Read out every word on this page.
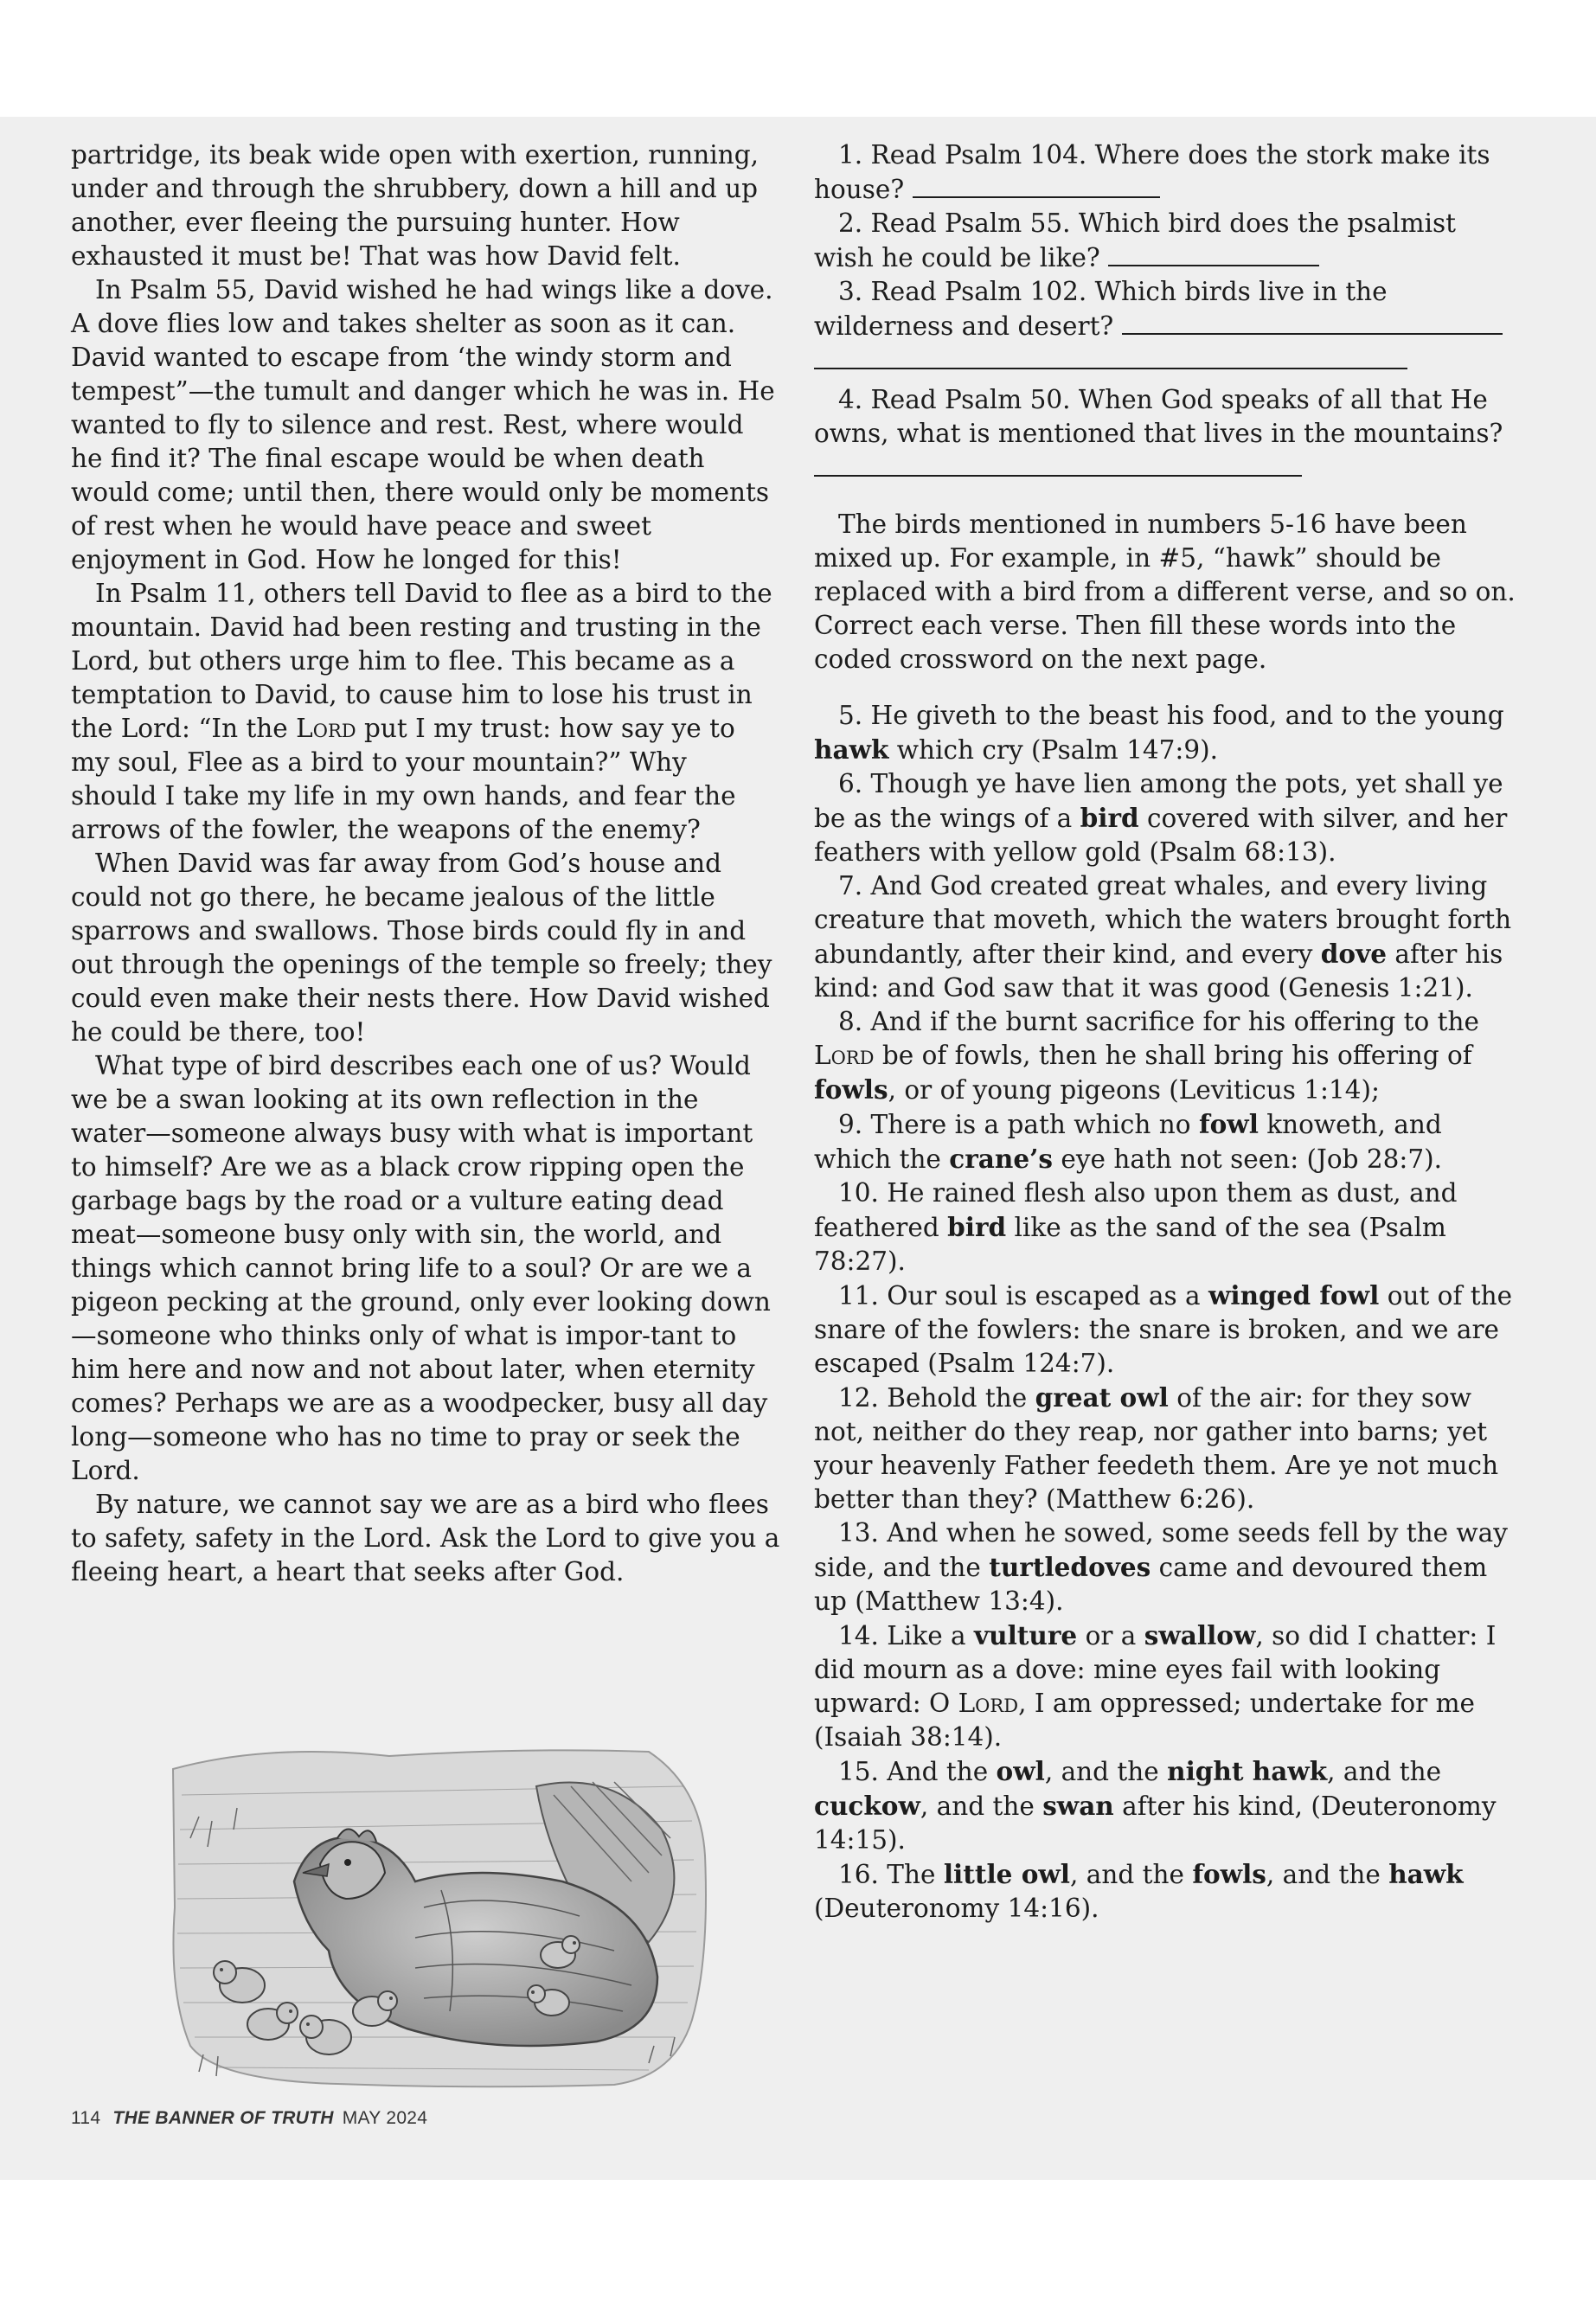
partridge, its beak wide open with exertion, running, under and through the shrubbery, down a hill and up another, ever fleeing the pursuing hunter. How exhausted it must be! That was how David felt.

In Psalm 55, David wished he had wings like a dove. A dove flies low and takes shelter as soon as it can. David wanted to escape from ‘the windy storm and tempest”—the tumult and danger which he was in. He wanted to fly to silence and rest. Rest, where would he find it? The final escape would be when death would come; until then, there would only be moments of rest when he would have peace and sweet enjoyment in God. How he longed for this!

In Psalm 11, others tell David to flee as a bird to the mountain. David had been resting and trusting in the Lord, but others urge him to flee. This became as a temptation to David, to cause him to lose his trust in the Lord: “In the Lord put I my trust: how say ye to my soul, Flee as a bird to your mountain?” Why should I take my life in my own hands, and fear the arrows of the fowler, the weapons of the enemy?

When David was far away from God’s house and could not go there, he became jealous of the little sparrows and swallows. Those birds could fly in and out through the openings of the temple so freely; they could even make their nests there. How David wished he could be there, too!

What type of bird describes each one of us? Would we be a swan looking at its own reflection in the water—someone always busy with what is important to himself? Are we as a black crow ripping open the garbage bags by the road or a vulture eating dead meat—someone busy only with sin, the world, and things which cannot bring life to a soul? Or are we a pigeon pecking at the ground, only ever looking down—someone who thinks only of what is impor-tant to him here and now and not about later, when eternity comes? Perhaps we are as a woodpecker, busy all day long—someone who has no time to pray or seek the Lord.

By nature, we cannot say we are as a bird who flees to safety, safety in the Lord. Ask the Lord to give you a fleeing heart, a heart that seeks after God.

1. Read Psalm 104. Where does the stork make its house?

2. Read Psalm 55. Which bird does the psalmist wish he could be like?

3. Read Psalm 102. Which birds live in the wilderness and desert?

4. Read Psalm 50. When God speaks of all that He owns, what is mentioned that lives in the mountains?

The birds mentioned in numbers 5-16 have been mixed up. For example, in #5, “hawk” should be replaced with a bird from a different verse, and so on. Correct each verse. Then fill these words into the coded crossword on the next page.

5. He giveth to the beast his food, and to the young hawk which cry (Psalm 147:9).

6. Though ye have lien among the pots, yet shall ye be as the wings of a bird covered with silver, and her feathers with yellow gold (Psalm 68:13).

7. And God created great whales, and every living creature that moveth, which the waters brought forth abundantly, after their kind, and every dove after his kind: and God saw that it was good (Genesis 1:21).

8. And if the burnt sacrifice for his offering to the Lord be of fowls, then he shall bring his offering of fowls, or of young pigeons (Leviticus 1:14);

9. There is a path which no fowl knoweth, and which the crane’s eye hath not seen: (Job 28:7).

10. He rained flesh also upon them as dust, and feathered bird like as the sand of the sea (Psalm 78:27).

11. Our soul is escaped as a winged fowl out of the snare of the fowlers: the snare is broken, and we are escaped (Psalm 124:7).

12. Behold the great owl of the air: for they sow not, neither do they reap, nor gather into barns; yet your heavenly Father feedeth them. Are ye not much better than they? (Matthew 6:26).

13. And when he sowed, some seeds fell by the way side, and the turtledoves came and devoured them up (Matthew 13:4).

14. Like a vulture or a swallow, so did I chatter: I did mourn as a dove: mine eyes fail with looking upward: O Lord, I am oppressed; undertake for me (Isaiah 38:14).

15. And the owl, and the night hawk, and the cuckow, and the swan after his kind, (Deuteronomy 14:15).

16. The little owl, and the fowls, and the hawk (Deuteronomy 14:16).

114 THE BANNER OF TRUTH MAY 2024
